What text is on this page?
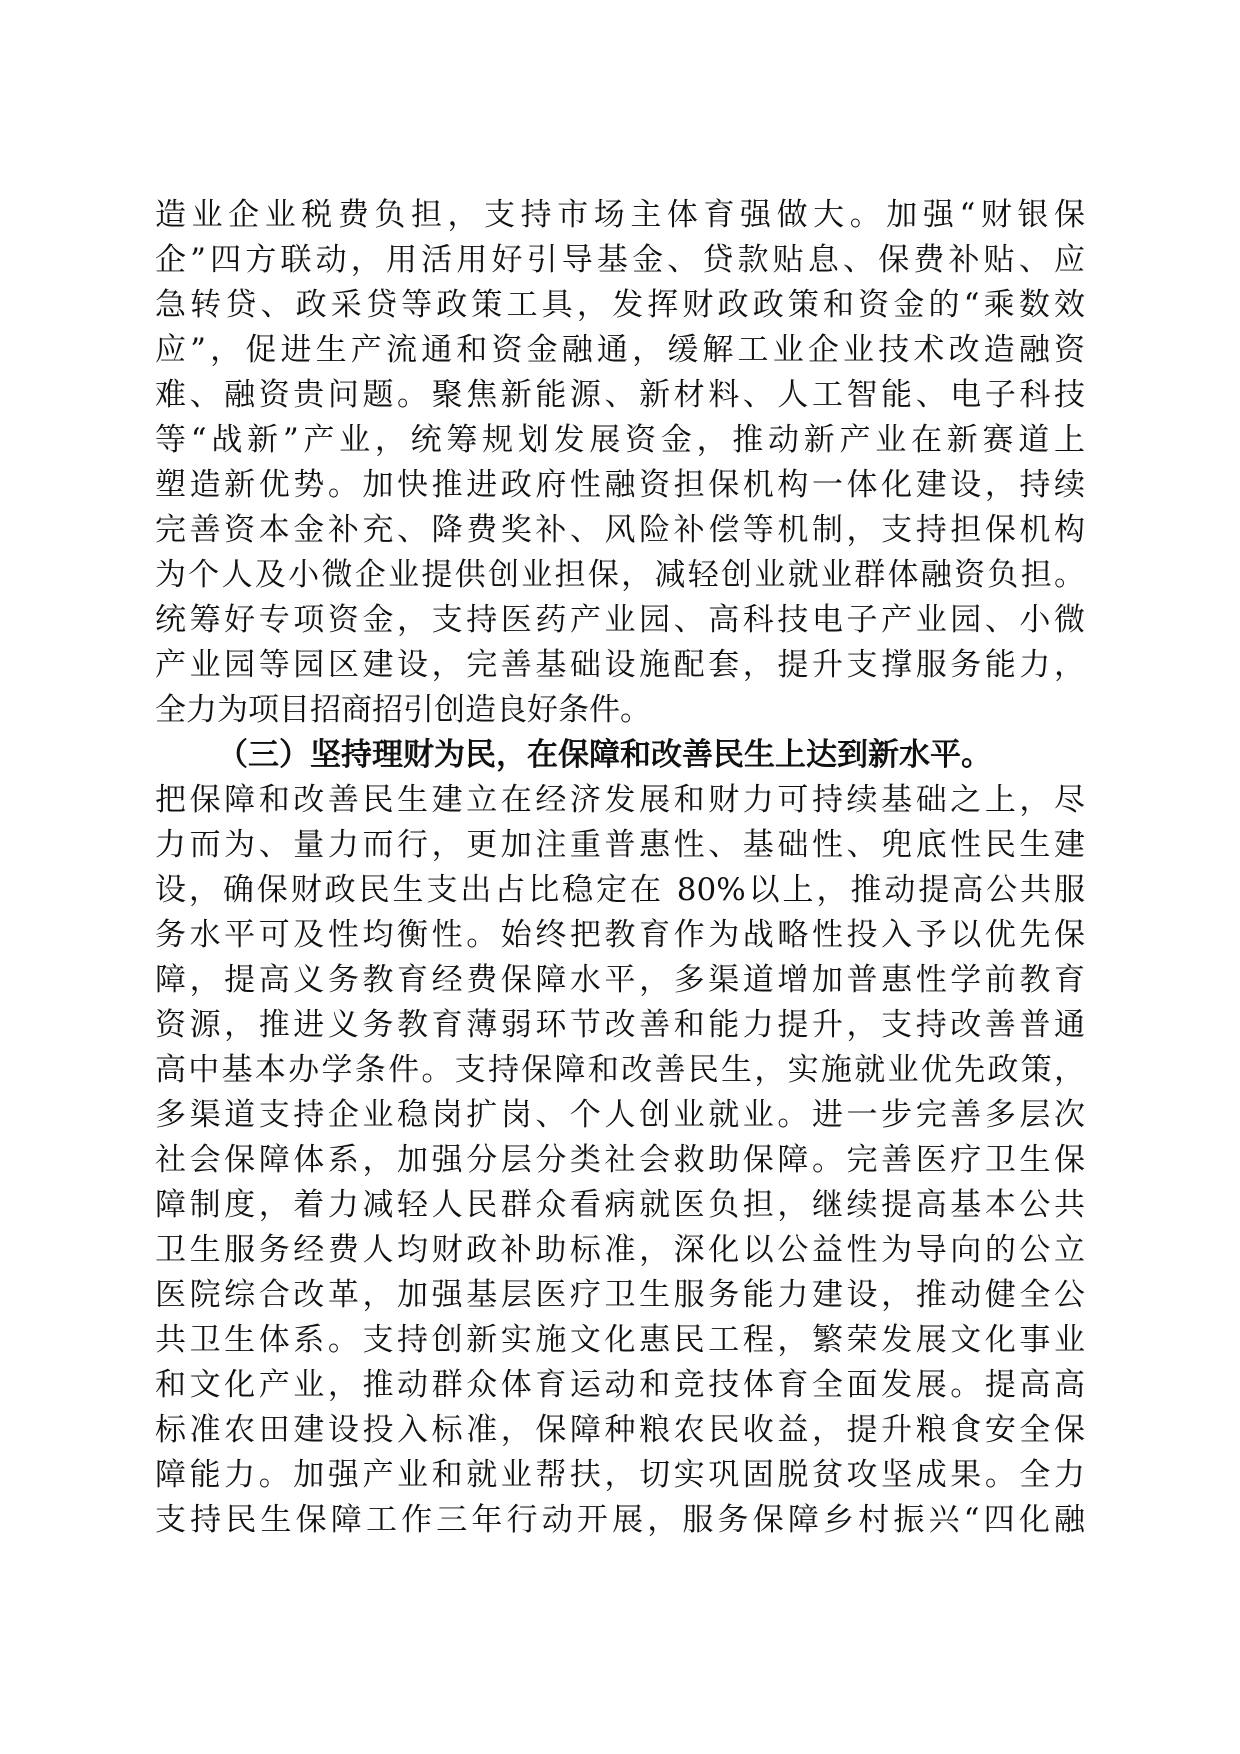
造业企业税费负担，支持市场主体育强做大。加强“财银保
企”四方联动，用活用好引导基金、贷款贴息、保费补贴、应
急转贷、政采贷等政策工具，发挥财政政策和资金的“乘数效
应”，促进生产流通和资金融通，缓解工业企业技术改造融资
难、融资贵问题。聚焦新能源、新材料、人工智能、电子科技
等“战新”产业，统筹规划发展资金，推动新产业在新赛道上
塑造新优势。加快推进政府性融资担保机构一体化建设，持续
完善资本金补充、降费奖补、风险补偿等机制，支持担保机构
为个人及小微企业提供创业担保，减轻创业就业群体融资负担。
统筹好专项资金，支持医药产业园、高科技电子产业园、小微
产业园等园区建设，完善基础设施配套，提升支撑服务能力，
全力为项目招商招引创造良好条件。
（三）坚持理财为民，在保障和改善民生上达到新水平。
把保障和改善民生建立在经济发展和财力可持续基础之上，尽
力而为、量力而行，更加注重普惠性、基础性、兜底性民生建
设，确保财政民生支出占比稳定在 80%以上，推动提高公共服
务水平可及性均衡性。始终把教育作为战略性投入予以优先保
障，提高义务教育经费保障水平，多渠道增加普惠性学前教育
资源，推进义务教育薄弱环节改善和能力提升，支持改善普通
高中基本办学条件。支持保障和改善民生，实施就业优先政策，
多渠道支持企业稳岗扩岗、个人创业就业。进一步完善多层次
社会保障体系，加强分层分类社会救助保障。完善医疗卫生保
障制度，着力减轻人民群众看病就医负担，继续提高基本公共
卫生服务经费人均财政补助标准，深化以公益性为导向的公立
医院综合改革，加强基层医疗卫生服务能力建设，推动健全公
共卫生体系。支持创新实施文化惠民工程，繁荣发展文化事业
和文化产业，推动群众体育运动和竞技体育全面发展。提高高
标准农田建设投入标准，保障种粮农民收益，提升粮食安全保
障能力。加强产业和就业帮扶，切实巩固脱贫攻坚成果。全力
支持民生保障工作三年行动开展，服务保障乡村振兴“四化融
